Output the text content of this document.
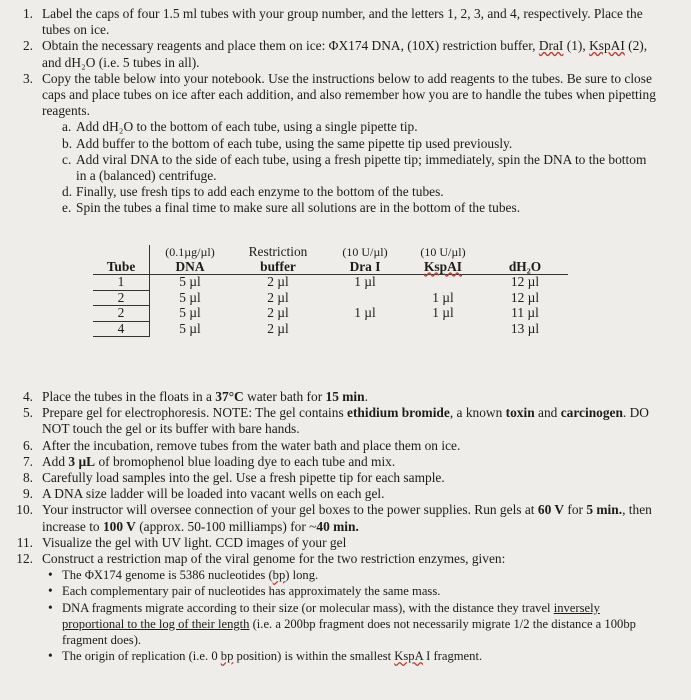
1. Label the caps of four 1.5 ml tubes with your group number, and the letters 1, 2, 3, and 4, respectively. Place the tubes on ice.
2. Obtain the necessary reagents and place them on ice: ΦX174 DNA, (10X) restriction buffer, DraI (1), KspAI (2), and dH₂O (i.e. 5 tubes in all).
3. Copy the table below into your notebook. Use the instructions below to add reagents to the tubes. Be sure to close caps and place tubes on ice after each addition, and also remember how you are to handle the tubes when pipetting reagents.
a. Add dH₂O to the bottom of each tube, using a single pipette tip.
b. Add buffer to the bottom of each tube, using the same pipette tip used previously.
c. Add viral DNA to the side of each tube, using a fresh pipette tip; immediately, spin the DNA to the bottom in a (balanced) centrifuge.
d. Finally, use fresh tips to add each enzyme to the bottom of the tubes.
e. Spin the tubes a final time to make sure all solutions are in the bottom of the tubes.
	(0.1µg/µl)	Restriction	(10 U/µl)	(10 U/µl)	
Tube	DNA	buffer	Dra I	KspAI	dH₂O
1	5 µl	2 µl	1 µl		12 µl
2	5 µl	2 µl		1 µl	12 µl
2	5 µl	2 µl	1 µl	1 µl	11 µl
4	5 µl	2 µl			13 µl
4. Place the tubes in the floats in a 37°C water bath for 15 min.
5. Prepare gel for electrophoresis. NOTE: The gel contains ethidium bromide, a known toxin and carcinogen. DO NOT touch the gel or its buffer with bare hands.
6. After the incubation, remove tubes from the water bath and place them on ice.
7. Add 3 µL of bromophenol blue loading dye to each tube and mix.
8. Carefully load samples into the gel. Use a fresh pipette tip for each sample.
9. A DNA size ladder will be loaded into vacant wells on each gel.
10. Your instructor will oversee connection of your gel boxes to the power supplies. Run gels at 60 V for 5 min., then increase to 100 V (approx. 50-100 milliamps) for ~40 min.
11. Visualize the gel with UV light. CCD images of your gel
12. Construct a restriction map of the viral genome for the two restriction enzymes, given:
• The ΦX174 genome is 5386 nucleotides (bp) long.
• Each complementary pair of nucleotides has approximately the same mass.
• DNA fragments migrate according to their size (or molecular mass), with the distance they travel inversely proportional to the log of their length (i.e. a 200bp fragment does not necessarily migrate 1/2 the distance a 100bp fragment does).
• The origin of replication (i.e. 0 bp position) is within the smallest KspA I fragment.
